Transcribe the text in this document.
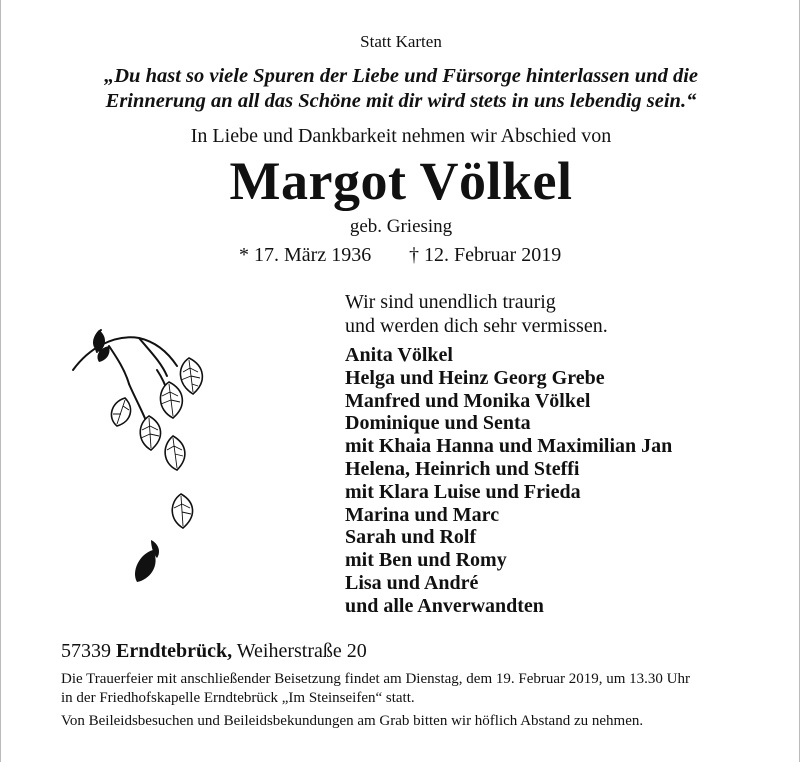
Statt Karten
„Du hast so viele Spuren der Liebe und Fürsorge hinterlassen und die
Erinnerung an all das Schöne mit dir wird stets in uns lebendig sein.“
In Liebe und Dankbarkeit nehmen wir Abschied von
Margot Völkel
geb. Griesing
* 17. März 1936 † 12. Februar 2019
Wir sind unendlich traurig
und werden dich sehr vermissen.
Anita Völkel
Helga und Heinz Georg Grebe
Manfred und Monika Völkel
Dominique und Senta
mit Khaia Hanna und Maximilian Jan
Helena, Heinrich und Steffi
mit Klara Luise und Frieda
Marina und Marc
Sarah und Rolf
mit Ben und Romy
Lisa und André
und alle Anverwandten
57339 Erndtebrück, Weiherstraße 20
Die Trauerfeier mit anschließender Beisetzung findet am Dienstag, dem 19. Februar 2019, um 13.30 Uhr
in der Friedhofskapelle Erndtebrück „Im Steinseifen“ statt.
Von Beileidsbesuchen und Beileidsbekundungen am Grab bitten wir höflich Abstand zu nehmen.
